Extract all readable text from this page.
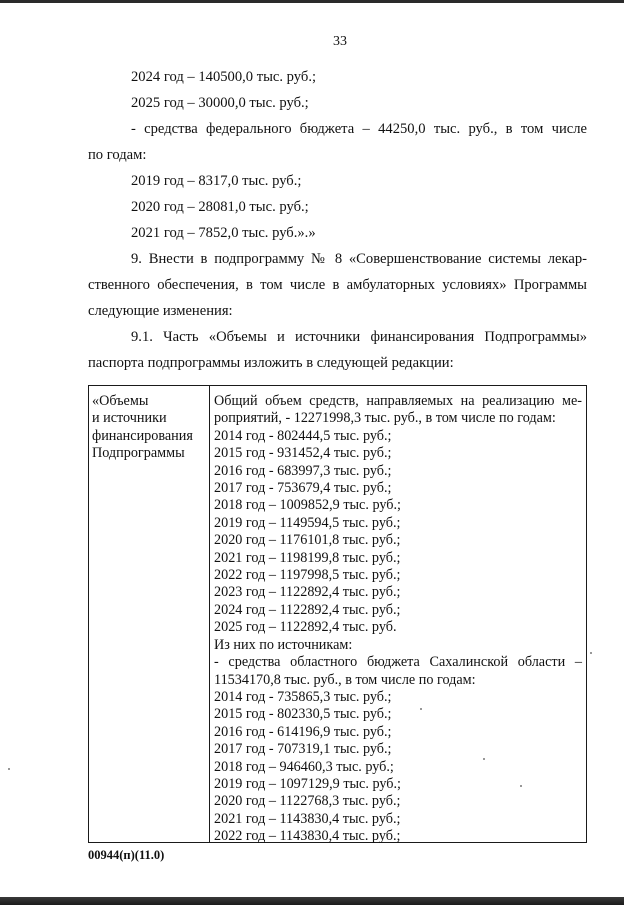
33
2024 год – 140500,0 тыс. руб.;
2025 год – 30000,0 тыс. руб.;
- средства федерального бюджета – 44250,0 тыс. руб., в том числе
по годам:
2019 год – 8317,0 тыс. руб.;
2020 год – 28081,0 тыс. руб.;
2021 год – 7852,0 тыс. руб.».»
9. Внести в подпрограмму № 8 «Совершенствование системы лекар-
ственного обеспечения, в том числе в амбулаторных условиях» Программы
следующие изменения:
9.1. Часть «Объемы и источники финансирования Подпрограммы»
паспорта подпрограммы изложить в следующей редакции:
«Объемы
и источники
финансирования
Подпрограммы
Общий объем средств, направляемых на реализацию ме-
роприятий, - 12271998,3 тыс. руб., в том числе по годам:
2014 год - 802444,5 тыс. руб.;
2015 год - 931452,4 тыс. руб.;
2016 год - 683997,3 тыс. руб.;
2017 год - 753679,4 тыс. руб.;
2018 год – 1009852,9 тыс. руб.;
2019 год – 1149594,5 тыс. руб.;
2020 год – 1176101,8 тыс. руб.;
2021 год – 1198199,8 тыс. руб.;
2022 год – 1197998,5 тыс. руб.;
2023 год – 1122892,4 тыс. руб.;
2024 год – 1122892,4 тыс. руб.;
2025 год – 1122892,4 тыс. руб.
Из них по источникам:
- средства областного бюджета Сахалинской области –
11534170,8 тыс. руб., в том числе по годам:
2014 год - 735865,3 тыс. руб.;
2015 год - 802330,5 тыс. руб.;
2016 год - 614196,9 тыс. руб.;
2017 год - 707319,1 тыс. руб.;
2018 год – 946460,3 тыс. руб.;
2019 год – 1097129,9 тыс. руб.;
2020 год – 1122768,3 тыс. руб.;
2021 год – 1143830,4 тыс. руб.;
2022 год – 1143830,4 тыс. руб.;
00944(п)(11.0)
